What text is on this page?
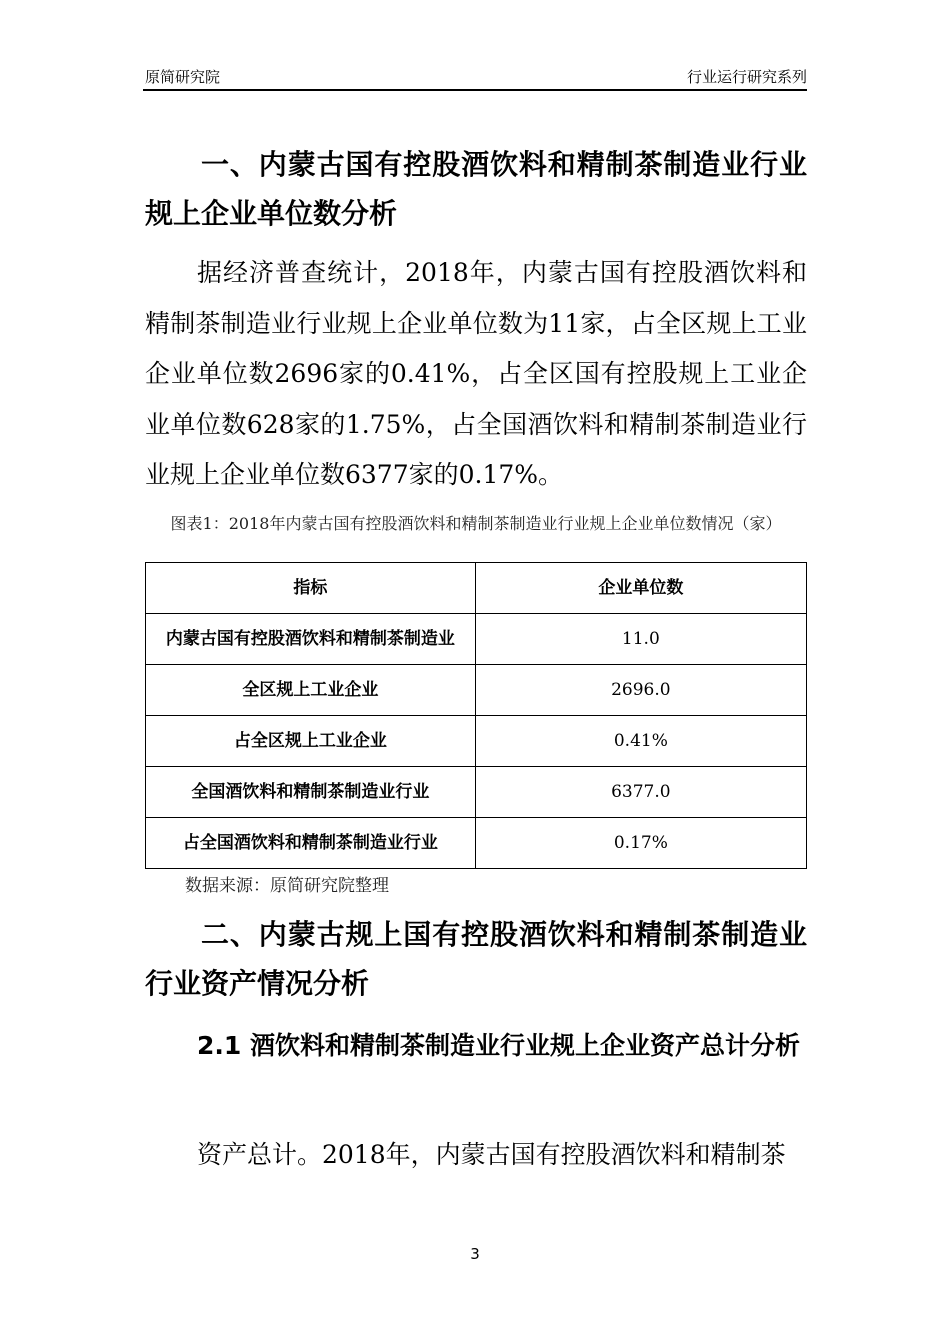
原简研究院	行业运行研究系列
一、内蒙古国有控股酒饮料和精制茶制造业行业规上企业单位数分析
据经济普查统计，2018年，内蒙古国有控股酒饮料和精制茶制造业行业规上企业单位数为11家，占全区规上工业企业单位数2696家的0.41%，占全区国有控股规上工业企业单位数628家的1.75%，占全国酒饮料和精制茶制造业行业规上企业单位数6377家的0.17%。
图表1：2018年内蒙古国有控股酒饮料和精制茶制造业行业规上企业单位数情况（家）
指标	企业单位数
内蒙古国有控股酒饮料和精制茶制造业	11.0
全区规上工业企业	2696.0
占全区规上工业企业	0.41%
全国酒饮料和精制茶制造业行业	6377.0
占全国酒饮料和精制茶制造业行业	0.17%
数据来源：原简研究院整理
二、内蒙古规上国有控股酒饮料和精制茶制造业行业资产情况分析
2.1 酒饮料和精制茶制造业行业规上企业资产总计分析
资产总计。2018年，内蒙古国有控股酒饮料和精制茶
3
